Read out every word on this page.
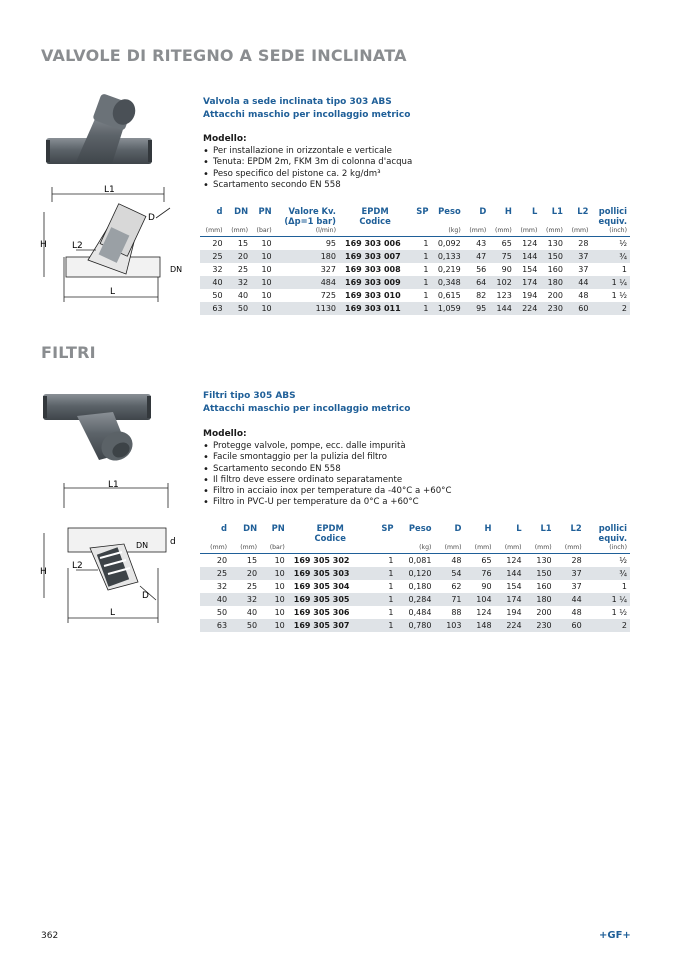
VALVOLE DI RITEGNO A SEDE INCLINATA
L1
H	L2
D
DN
L
Valvola a sede inclinata tipo 303 ABS
Attacchi maschio per incollaggio metrico
Modello:
• Per installazione in orizzontale e verticale
• Tenuta: EPDM 2m, FKM 3m di colonna d'acqua
• Peso specifico del pistone ca. 2 kg/dm³
• Scartamento secondo EN 558
d	DN	PN	Valore Kv.	EPDM	SP	Peso	D	H	L	L1	L2	pollici
			(Δp=1 bar)	Codice								equiv.
(mm)	(mm)	(bar)	(l/min)			(kg)	(mm)	(mm)	(mm)	(mm)	(mm)	(inch)
20	15	10	95	169 303 006	1	0,092	43	65	124	130	28	½
25	20	10	180	169 303 007	1	0,133	47	75	144	150	37	¾
32	25	10	327	169 303 008	1	0,219	56	90	154	160	37	1
40	32	10	484	169 303 009	1	0,348	64	102	174	180	44	1 ¼
50	40	10	725	169 303 010	1	0,615	82	123	194	200	48	1 ½
63	50	10	1130	169 303 011	1	1,059	95	144	224	230	60	2
FILTRI
L1
H
L2
D
DN d
L
Filtri tipo 305 ABS
Attacchi maschio per incollaggio metrico
Modello:
• Protegge valvole, pompe, ecc. dalle impurità
• Facile smontaggio per la pulizia del filtro
• Scartamento secondo EN 558
• Il filtro deve essere ordinato separatamente
• Filtro in acciaio inox per temperature da -40°C a +60°C
• Filtro in PVC-U per temperature da 0°C a +60°C
d	DN	PN	EPDM	SP	Peso	D	H	L	L1	L2	pollici
			Codice								equiv.
(mm)	(mm)	(bar)			(kg)	(mm)	(mm)	(mm)	(mm)	(mm)	(inch)
20	15	10	169 305 302	1	0,081	48	65	124	130	28	½
25	20	10	169 305 303	1	0,120	54	76	144	150	37	¾
32	25	10	169 305 304	1	0,180	62	90	154	160	37	1
40	32	10	169 305 305	1	0,284	71	104	174	180	44	1 ¼
50	40	10	169 305 306	1	0,484	88	124	194	200	48	1 ½
63	50	10	169 305 307	1	0,780	103	148	224	230	60	2
362	+GF+
